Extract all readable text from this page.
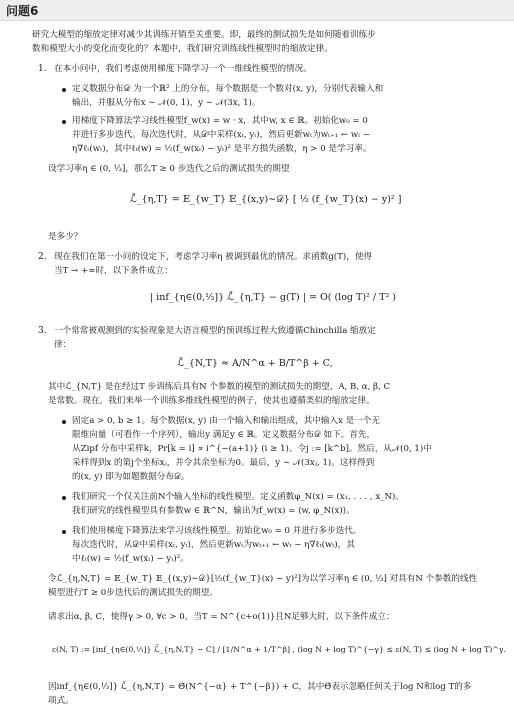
问题6
研究大模型的缩放定律对减少其训练开销至关重要。即，最终的测试损失是如何随着训练步
数和模型大小的变化而变化的？本题中，我们研究训练线性模型时的缩放定律。
1. 在本小问中，我们考虑使用梯度下降学习一个一维线性模型的情况。
定义数据分布𝒟 为一个ℝ² 上的分布，每个数据是一个数对(x, y)，分别代表输入和
输出，并服从分布x ∼ 𝒩(0, 1)，y ∼ 𝒩(3x, 1)。
用梯度下降算法学习线性模型f_w(x) = w · x，其中w, x ∈ ℝ。初始化w₀ = 0
并进行多步迭代。每次迭代时，从𝒟中采样(xₜ, yₜ)，然后更新wₜ为wₜ₊₁ ← wₜ −
η∇ℓₜ(wₜ)，其中ℓₜ(w) = ½(f_w(xₜ) − yₜ)² 是平方损失函数，η > 0 是学习率。
设学习率η ∈ (0, ⅓]，那么T ≥ 0 步迭代之后的测试损失的期望
ℒ̄_{η,T} = 𝔼_{w_T} 𝔼_{(x,y)∼𝒟} [ ½ (f_{w_T}(x) − y)² ]
是多少？
2. 现在我们在第一小问的设定下，考虑学习率η 被调到最优的情况。求函数g(T)，使得
当T → +∞时，以下条件成立：
| inf_{η∈(0,⅓]} ℒ̄_{η,T} − g(T) | = O( (log T)² / T² )
3. 一个常常被观测到的实验现象是大语言模型的预训练过程大致遵循Chinchilla 缩放定
律：
ℒ̄_{N,T} ≈ A/N^α + B/T^β + C,
其中ℒ̄_{N,T} 是在经过T 步训练后具有N 个参数的模型的测试损失的期望，A, B, α, β, C
是常数。现在，我们来举一个训练多维线性模型的例子，使其也遵循类似的缩放定律。
固定a > 0, b ≥ 1。每个数据(x, y) 由一个输入和输出组成，其中输入x 是一个无
限维向量（可看作一个序列），输出y 满足y ∈ ℝ。定义数据分布𝒟 如下。首先，
从Zipf 分布中采样k，Pr[k = i] ∝ i^{−(a+1)} (i ≥ 1)。令j := [k^b]。然后，从𝒩(0, 1)中
采样得到x 的第j个坐标xⱼ，并令其余坐标为0。最后，y ∼ 𝒩(3xⱼ, 1)。这样得到
的(x, y) 即为如题数据分布𝒟。
我们研究一个仅关注前N个输入坐标的线性模型。定义函数φ_N(x) = (x₁, . . . , x_N)。
我们研究的线性模型具有参数w ∈ ℝ^N，输出为f_w(x) = ⟨w, φ_N(x)⟩。
我们使用梯度下降算法来学习该线性模型。初始化w₀ = 0 并进行多步迭代。
每次迭代时，从𝒟中采样(xₜ, yₜ)，然后更新wₜ为wₜ₊₁ ← wₜ − η∇ℓₜ(wₜ)，其
中ℓₜ(w) = ½(f_w(xₜ) − yₜ)²。
令ℒ̄_{η,N,T} = 𝔼_{w_T} 𝔼_{(x,y)∼𝒟}[½(f_{w_T}(x) − y)²]为以学习率η ∈ (0, ⅓] 对具有N 个参数的线性
模型进行T ≥ 0步迭代后的测试损失的期望。
请求出α, β, C，使得γ > 0, ∀c > 0，当T = N^{c+o(1)}且N足够大时，以下条件成立：
ε(N, T) := [inf_{η∈(0,⅓]} ℒ̄_{η,N,T} − C] / [1/N^α + 1/T^β] , (log N + log T)^{−γ} ≤ ε(N, T) ≤ (log N + log T)^γ.
因inf_{η∈(0,⅓]} ℒ̄_{η,N,T} = Θ̃(N^{−α} + T^{−β}) + C，其中Θ̃表示忽略任何关于log N和log T的多
项式。
